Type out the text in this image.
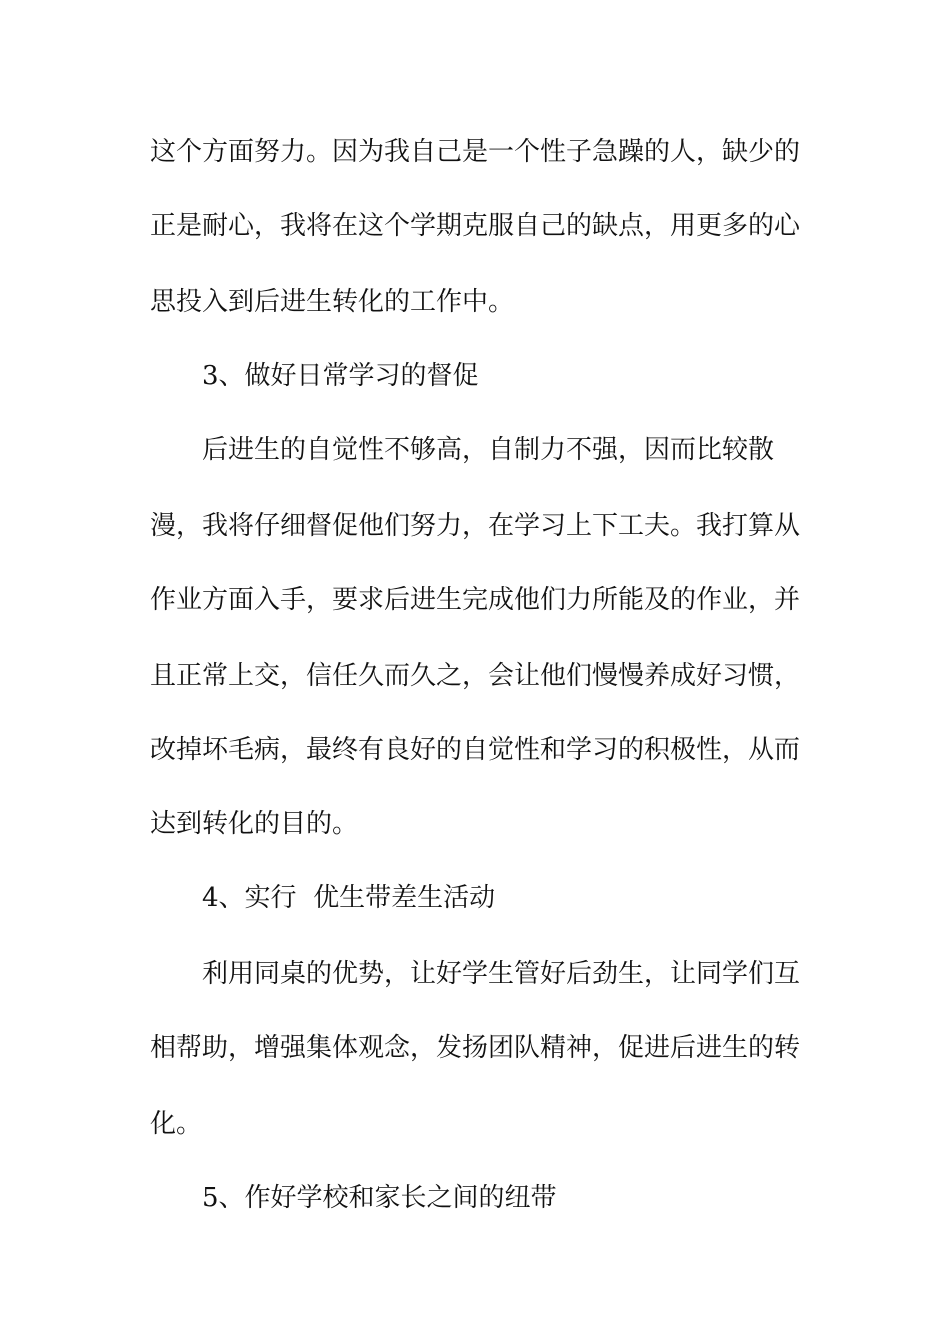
这个方面努力。因为我自己是一个性子急躁的人，缺少的
正是耐心，我将在这个学期克服自己的缺点，用更多的心
思投入到后进生转化的工作中。
3、做好日常学习的督促
后进生的自觉性不够高，自制力不强，因而比较散
漫，我将仔细督促他们努力，在学习上下工夫。我打算从
作业方面入手，要求后进生完成他们力所能及的作业，并
且正常上交，信任久而久之，会让他们慢慢养成好习惯，
改掉坏毛病，最终有良好的自觉性和学习的积极性，从而
达到转化的目的。
4、实行  优生带差生活动
利用同桌的优势，让好学生管好后劲生，让同学们互
相帮助，增强集体观念，发扬团队精神，促进后进生的转
化。
5、作好学校和家长之间的纽带
